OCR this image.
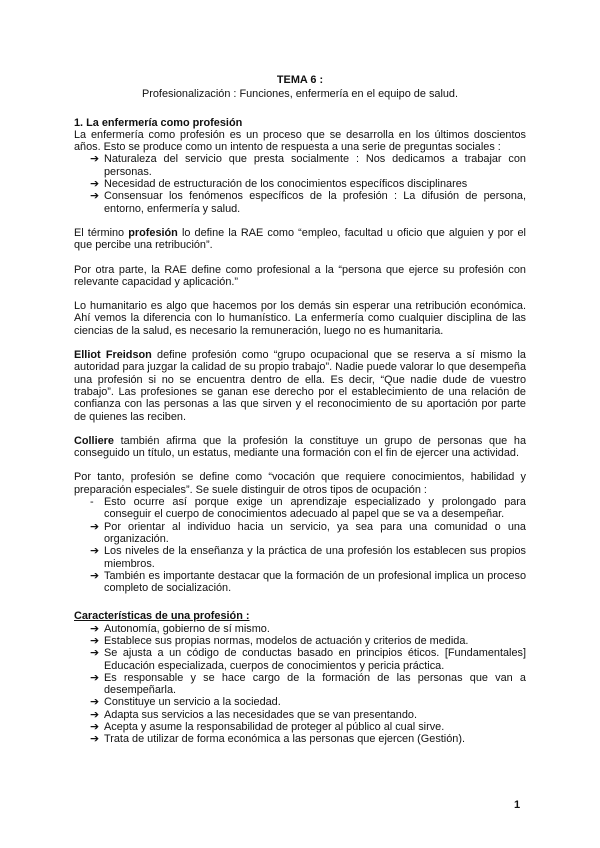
TEMA 6 :
Profesionalización : Funciones, enfermería en el equipo de salud.
1. La enfermería como profesión

La enfermería como profesión es un proceso que se desarrolla en los últimos doscientos años. Esto se produce como un intento de respuesta a una serie de preguntas sociales :

➔ Naturaleza del servicio que presta socialmente : Nos dedicamos a trabajar con personas.
➔ Necesidad de estructuración de los conocimientos específicos disciplinares
➔ Consensuar los fenómenos específicos de la profesión : La difusión de persona, entorno, enfermería y salud.

El término profesión lo define la RAE como “empleo, facultad u oficio que alguien y por el que percibe una retribución”.

Por otra parte, la RAE define como profesional a la “persona que ejerce su profesión con relevante capacidad y aplicación.”

Lo humanitario es algo que hacemos por los demás sin esperar una retribución económica. Ahí vemos la diferencia con lo humanístico. La enfermería como cualquier disciplina de las ciencias de la salud, es necesario la remuneración, luego no es humanitaria.

Elliot Freidson define profesión como “grupo ocupacional que se reserva a sí mismo la autoridad para juzgar la calidad de su propio trabajo”. Nadie puede valorar lo que desempeña una profesión si no se encuentra dentro de ella. Es decir, “Que nadie dude de vuestro trabajo”. Las profesiones se ganan ese derecho por el establecimiento de una relación de confianza con las personas a las que sirven y el reconocimiento de su aportación por parte de quienes las reciben.

Colliere también afirma que la profesión la constituye un grupo de personas que ha conseguido un título, un estatus, mediante una formación con el fin de ejercer una actividad.

Por tanto, profesión se define como “vocación que requiere conocimientos, habilidad y preparación especiales”. Se suele distinguir de otros tipos de ocupación :

- Esto ocurre así porque exige un aprendizaje especializado y prolongado para conseguir el cuerpo de conocimientos adecuado al papel que se va a desempeñar.
➔ Por orientar al individuo hacia un servicio, ya sea para una comunidad o una organización.
➔ Los niveles de la enseñanza y la práctica de una profesión los establecen sus propios miembros.
➔ También es importante destacar que la formación de un profesional implica un proceso completo de socialización.
Características de una profesión :
➔ Autonomía, gobierno de sí mismo.
➔ Establece sus propias normas, modelos de actuación y criterios de medida.
➔ Se ajusta a un código de conductas basado en principios éticos. [Fundamentales] Educación especializada, cuerpos de conocimientos y pericia práctica.
➔ Es responsable y se hace cargo de la formación de las personas que van a desempeñarla.
➔ Constituye un servicio a la sociedad.
➔ Adapta sus servicios a las necesidades que se van presentando.
➔ Acepta y asume la responsabilidad de proteger al público al cual sirve.
➔ Trata de utilizar de forma económica a las personas que ejercen (Gestión).
1
